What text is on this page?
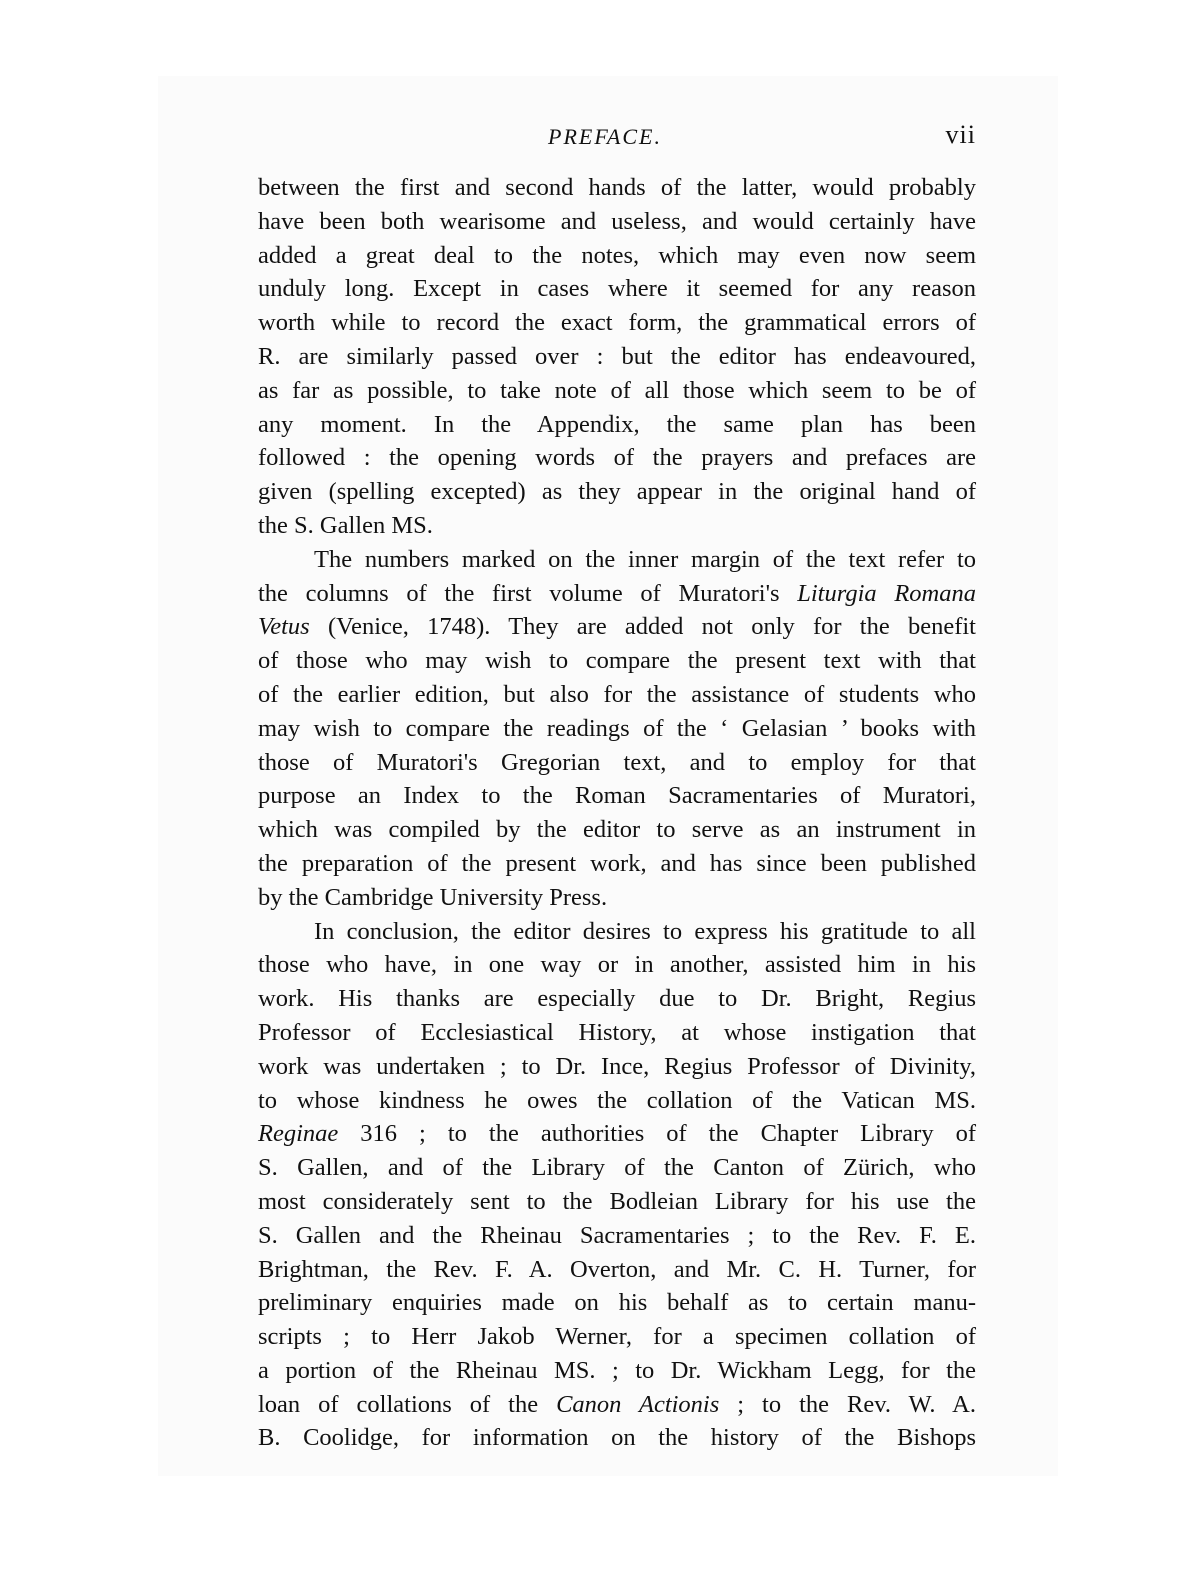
PREFACE.	vii
between the first and second hands of the latter, would probably
have been both wearisome and useless, and would certainly have
added a great deal to the notes, which may even now seem
unduly long. Except in cases where it seemed for any reason
worth while to record the exact form, the grammatical errors of
R. are similarly passed over : but the editor has endeavoured,
as far as possible, to take note of all those which seem to be of
any moment. In the Appendix, the same plan has been
followed : the opening words of the prayers and prefaces are
given (spelling excepted) as they appear in the original hand of
the S. Gallen MS.
The numbers marked on the inner margin of the text refer to
the columns of the first volume of Muratori's Liturgia Romana
Vetus (Venice, 1748). They are added not only for the benefit
of those who may wish to compare the present text with that
of the earlier edition, but also for the assistance of students who
may wish to compare the readings of the ‘ Gelasian ’ books with
those of Muratori's Gregorian text, and to employ for that
purpose an Index to the Roman Sacramentaries of Muratori,
which was compiled by the editor to serve as an instrument in
the preparation of the present work, and has since been published
by the Cambridge University Press.
In conclusion, the editor desires to express his gratitude to all
those who have, in one way or in another, assisted him in his
work. His thanks are especially due to Dr. Bright, Regius
Professor of Ecclesiastical History, at whose instigation that
work was undertaken ; to Dr. Ince, Regius Professor of Divinity,
to whose kindness he owes the collation of the Vatican MS.
Reginae 316 ; to the authorities of the Chapter Library of
S. Gallen, and of the Library of the Canton of Zürich, who
most considerately sent to the Bodleian Library for his use the
S. Gallen and the Rheinau Sacramentaries ; to the Rev. F. E.
Brightman, the Rev. F. A. Overton, and Mr. C. H. Turner, for
preliminary enquiries made on his behalf as to certain manu-
scripts ; to Herr Jakob Werner, for a specimen collation of
a portion of the Rheinau MS. ; to Dr. Wickham Legg, for the
loan of collations of the Canon Actionis ; to the Rev. W. A.
B. Coolidge, for information on the history of the Bishops
